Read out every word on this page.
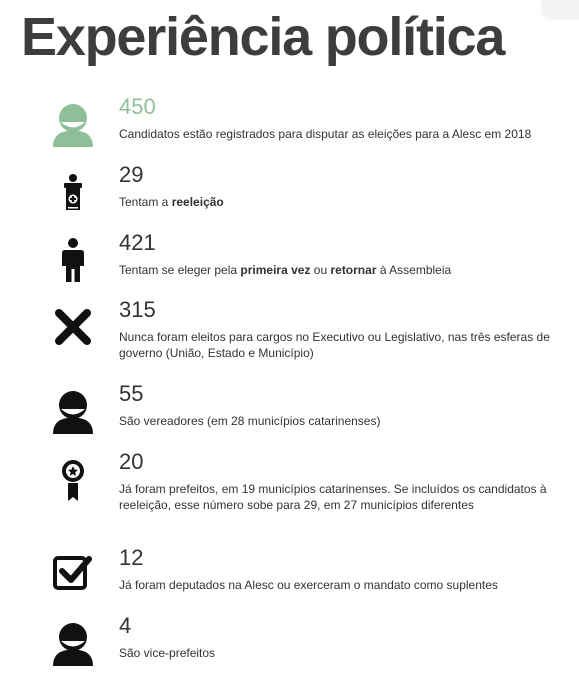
Experiência política
450
Candidatos estão registrados para disputar as eleições para a Alesc em 2018
29
Tentam a reeleição
421
Tentam se eleger pela primeira vez ou retornar à Assembleia
315
Nunca foram eleitos para cargos no Executivo ou Legislativo, nas três esferas de governo (União, Estado e Município)
55
São vereadores (em 28 municípios catarinenses)
20
Já foram prefeitos, em 19 municípios catarinenses. Se incluídos os candidatos à reeleição, esse número sobe para 29, em 27 municípios diferentes
12
Já foram deputados na Alesc ou exerceram o mandato como suplentes
4
São vice-prefeitos
